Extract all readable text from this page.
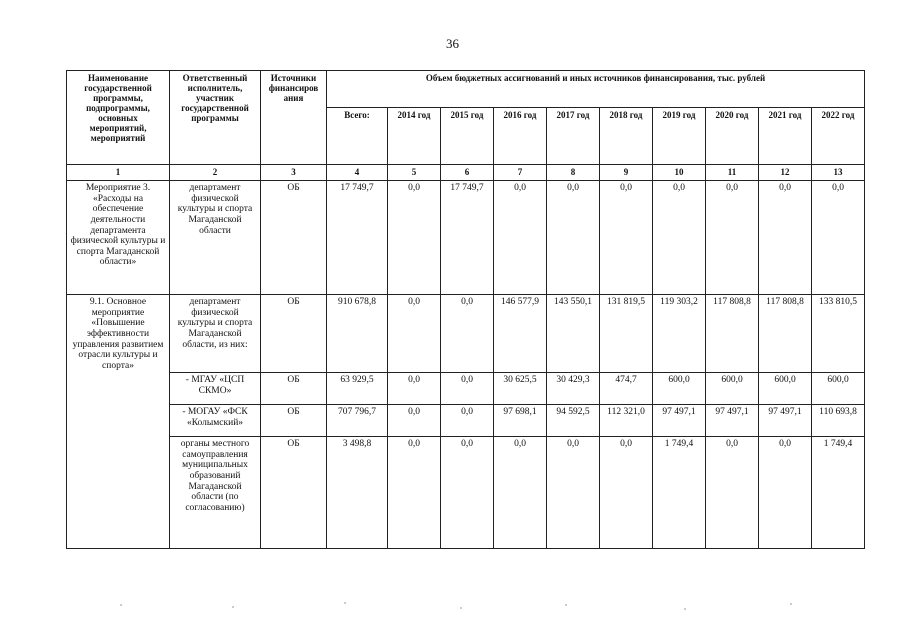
36
Наименование государственной программы, подпрограммы, основных мероприятий, мероприятий	Ответственный исполнитель, участник государственной программы	Источники финансиров ания	Объем бюджетных ассигнований и иных источников финансирования, тыс. рублей									
			Всего:	2014 год	2015 год	2016 год	2017 год	2018 год	2019 год	2020 год	2021 год	2022 год
1	2	3	4	5	6	7	8	9	10	11	12	13
Мероприятие 3. «Расходы на обеспечение деятельности департамента физической культуры и спорта Магаданской области»	департамент физической культуры и спорта Магаданской области	ОБ	17 749,7	0,0	17 749,7	0,0	0,0	0,0	0,0	0,0	0,0	0,0
9.1. Основное мероприятие «Повышение эффективности управления развитием отрасли культуры и спорта»	департамент физической культуры и спорта Магаданской области, из них:	ОБ	910 678,8	0,0	0,0	146 577,9	143 550,1	131 819,5	119 303,2	117 808,8	117 808,8	133 810,5
	- МГАУ «ЦСП СКМО»	ОБ	63 929,5	0,0	0,0	30 625,5	30 429,3	474,7	600,0	600,0	600,0	600,0
	- МОГАУ «ФСК «Колымский»	ОБ	707 796,7	0,0	0,0	97 698,1	94 592,5	112 321,0	97 497,1	97 497,1	97 497,1	110 693,8
	органы местного самоуправления муниципальных образований Магаданской области (по согласованию)	ОБ	3 498,8	0,0	0,0	0,0	0,0	0,0	1 749,4	0,0	0,0	1 749,4
